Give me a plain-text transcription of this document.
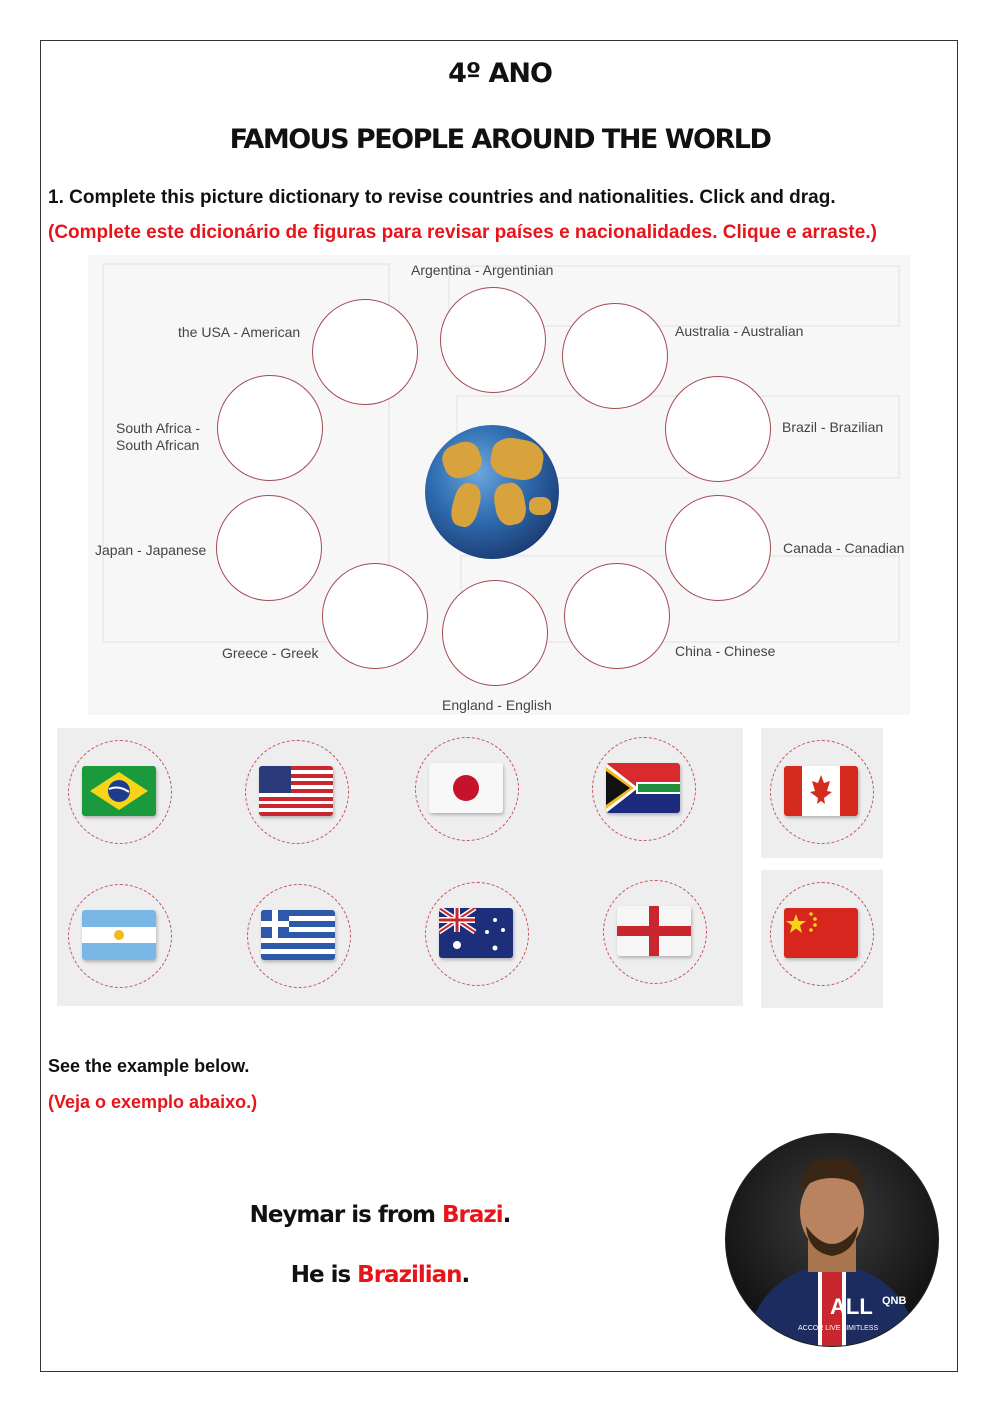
4º ANO
FAMOUS PEOPLE AROUND THE WORLD
1. Complete this picture dictionary to revise countries and nationalities. Click and drag.
(Complete este dicionário de figuras para revisar países e nacionalidades. Clique e arraste.)
Argentina - Argentinian
the USA - American	Australia - Australian
South Africa -
South African
Brazil - Brazilian
Japan - Japanese	Canada - Canadian
Greece - Greek	China - Chinese
England - English
See the example below.
(Veja o exemplo abaixo.)
Neymar is from Brazi.
He is Brazilian.
ALL QNB
ACCOR LIVE LIMITLESS
